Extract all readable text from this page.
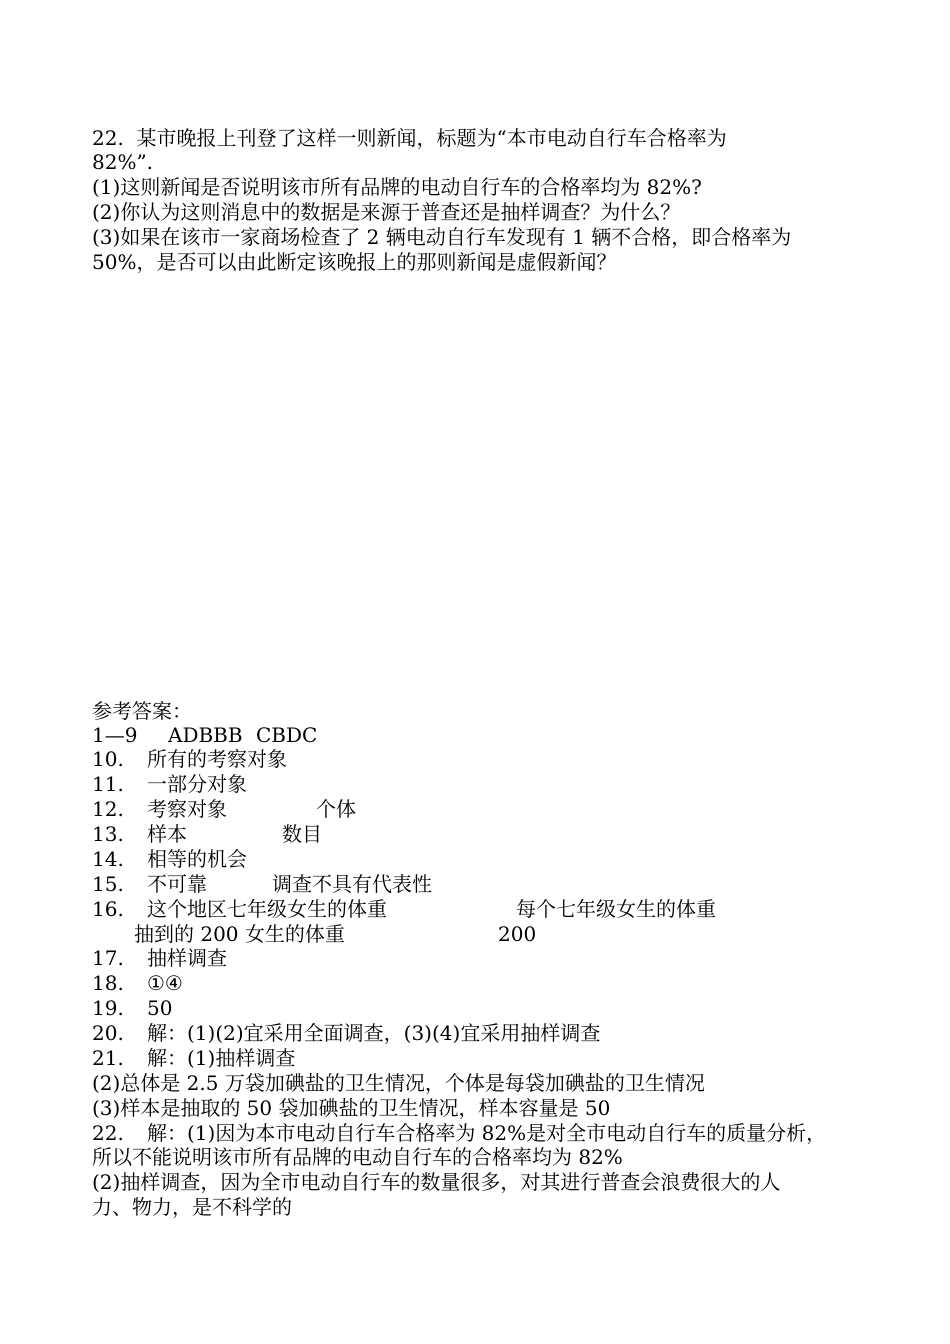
22.  某市晚报上刊登了这样一则新闻，标题为“本市电动自行车合格率为
82%”.
(1)这则新闻是否说明该市所有品牌的电动自行车的合格率均为 82%?
(2)你认为这则消息中的数据是来源于普查还是抽样调查？为什么？
(3)如果在该市一家商场检查了 2 辆电动自行车发现有 1 辆不合格，即合格率为
50%，是否可以由此断定该晚报上的那则新闻是虚假新闻？
参考答案：

1—9

ADBBB

CBDC

10.

所有的考察对象

11.

一部分对象

12.

考察对象

	个体

13.

样本

	数目

14.

相等的机会

15.

不可靠

	调查不具有代表性

16.

这个地区七年级女生的体重

	每个七年级女生的体重

抽到的 200 女生的体重

	200

17.

抽样调查

18.

①④

19.

50

20.

解：(1)(2)宜采用全面调查，(3)(4)宜采用抽样调查

21.

解：(1)抽样调查

(2)总体是 2.5 万袋加碘盐的卫生情况，个体是每袋加碘盐的卫生情况
(3)样本是抽取的 50 袋加碘盐的卫生情况，样本容量是 50

22.

解：(1)因为本市电动自行车合格率为 82%是对全市电动自行车的质量分析，

所以不能说明该市所有品牌的电动自行车的合格率均为 82%
(2)抽样调查，因为全市电动自行车的数量很多，对其进行普查会浪费很大的人
力、物力，是不科学的
